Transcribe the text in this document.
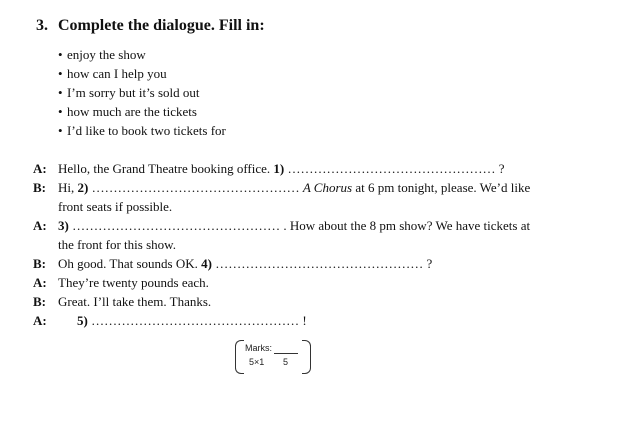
3. Complete the dialogue. Fill in:
• enjoy the show
• how can I help you
• I’m sorry but it’s sold out
• how much are the tickets
• I’d like to book two tickets for
A: Hello, the Grand Theatre booking office. 1) ………………………………………… ?
B: Hi, 2) ………………………………………… A Chorus at 6 pm tonight, please. We’d like
front seats if possible.
A: 3) ………………………………………… . How about the 8 pm show? We have tickets at
the front for this show.
B: Oh good. That sounds OK. 4) ………………………………………… ?
A: They’re twenty pounds each.
B: Great. I’ll take them. Thanks.
A: 5) ………………………………………… !
Marks:
5×1 5
